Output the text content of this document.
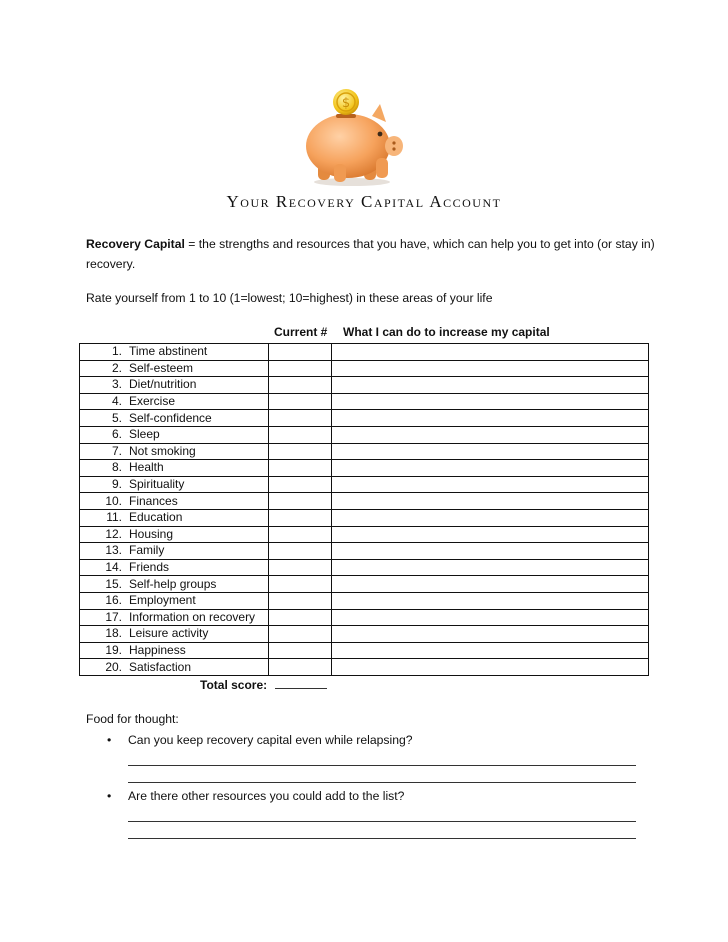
$
Your Recovery Capital Account
Recovery Capital = the strengths and resources that you have, which can help you to get into (or stay in) recovery.
Rate yourself from 1 to 10 (1=lowest; 10=highest) in these areas of your life
Current # What I can do to increase my capital
1. Time abstinent		
2. Self-esteem		
3. Diet/nutrition		
4. Exercise		
5. Self-confidence		
6. Sleep		
7. Not smoking		
8. Health		
9. Spirituality		
10. Finances		
11. Education		
12. Housing		
13. Family		
14. Friends		
15. Self-help groups		
16. Employment		
17. Information on recovery		
18. Leisure activity		
19. Happiness		
20. Satisfaction		
Total score:
Food for thought:
• Can you keep recovery capital even while relapsing?
• Are there other resources you could add to the list?
